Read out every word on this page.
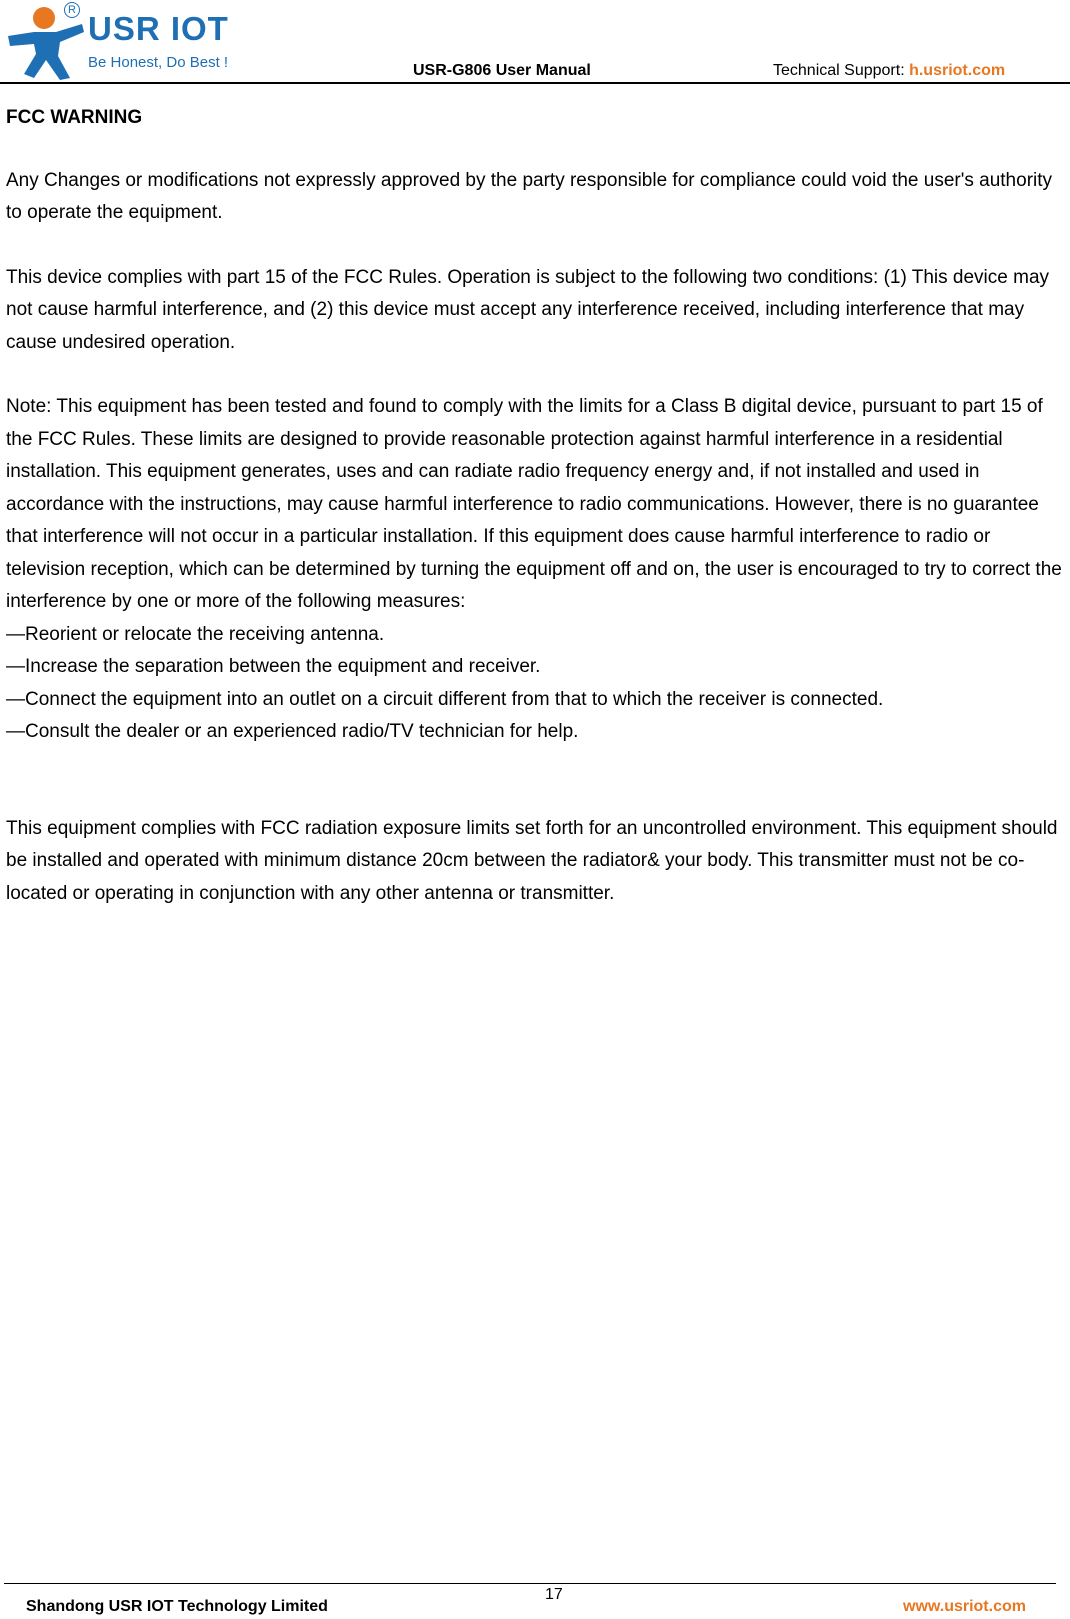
R USR IOT
Be Honest, Do Best !	USR-G806 User Manual	Technical Support: h.usriot.com
FCC WARNING

Any Changes or modifications not expressly approved by the party responsible for compliance could void the user's authority to operate the equipment.

This device complies with part 15 of the FCC Rules. Operation is subject to the following two conditions: (1) This device may not cause harmful interference, and (2) this device must accept any interference received, including interference that may cause undesired operation.

Note: This equipment has been tested and found to comply with the limits for a Class B digital device, pursuant to part 15 of the FCC Rules. These limits are designed to provide reasonable protection against harmful interference in a residential installation. This equipment generates, uses and can radiate radio frequency energy and, if not installed and used in accordance with the instructions, may cause harmful interference to radio communications. However, there is no guarantee that interference will not occur in a particular installation. If this equipment does cause harmful interference to radio or television reception, which can be determined by turning the equipment off and on, the user is encouraged to try to correct the interference by one or more of the following measures:

—Reorient or relocate the receiving antenna.
—Increase the separation between the equipment and receiver.
—Connect the equipment into an outlet on a circuit different from that to which the receiver is connected.
—Consult the dealer or an experienced radio/TV technician for help.

This equipment complies with FCC radiation exposure limits set forth for an uncontrolled environment. This equipment should be installed and operated with minimum distance 20cm between the radiator& your body. This transmitter must not be co-located or operating in conjunction with any other antenna or transmitter.

17
Shandong USR IOT Technology Limited	www.usriot.com
